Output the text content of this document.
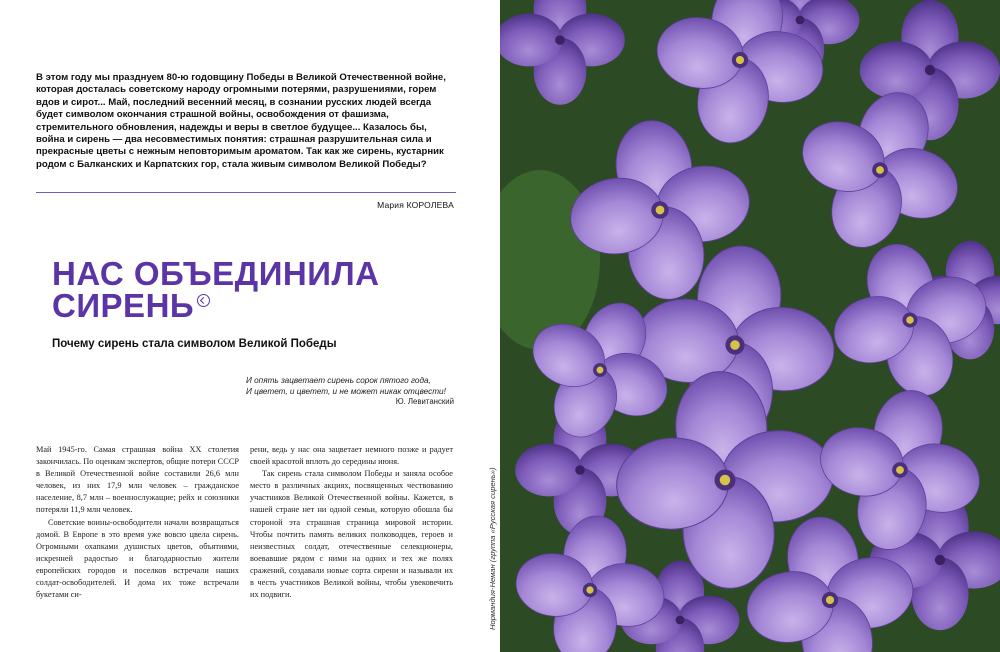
В этом году мы празднуем 80-ю годовщину Победы в Великой Отечественной войне, которая досталась советскому народу огромными потерями, разрушениями, горем вдов и сирот... Май, последний весенний месяц, в сознании русских людей всегда будет символом окончания страшной войны, освобождения от фашизма, стремительного обновления, надежды и веры в светлое будущее... Казалось бы, война и сирень — два несовместимых понятия: страшная разрушительная сила и прекрасные цветы с нежным неповторимым ароматом. Так как же сирень, кустарник родом с Балканских и Карпатских гор, стала живым символом Великой Победы?

Мария КОРОЛЕВА
НАС ОБЪЕДИНИЛА
СИРЕНЬ
Почему сирень стала символом Великой Победы
И опять зацветает сирень сорок пятого года,
И цветет, и цветет, и не может никак отцвести!
Ю. Левитанский

Май 1945-го. Самая страшная война XX столетия закончилась. По оценкам экспертов, общие потери СССР в Великой Отечественной войне составили 26,6 млн человек, из них 17,9 млн человек – гражданское население, 8,7 млн – военнослужащие; рейх и союзники потеряли 11,9 млн человек.

Советские воины-освободители начали возвращаться домой. В Европе в это время уже вовсю цвела сирень. Огромными охапками душистых цветов, объятиями, искренней радостью и благодарностью жители европейских городов и поселков встречали наших солдат-освободителей. И дома их тоже встречали букетами си-

рени, ведь у нас она зацветает немного позже и радует своей красотой вплоть до середины июня.

Так сирень стала символом Победы и заняла особое место в различных акциях, посвященных чествованию участников Великой Отечественной войны. Кажется, в нашей стране нет ни одной семьи, которую обошла бы стороной эта страшная страница мировой истории. Чтобы почтить память великих полководцев, героев и неизвестных солдат, отечественные селекционеры, воевавшие рядом с ними на одних и тех же полях сражений, создавали новые сорта сирени и называли их в честь участников Великой войны, чтобы увековечить их подвиги.	Нормандия-Неман (группа «Русская сирень»)
